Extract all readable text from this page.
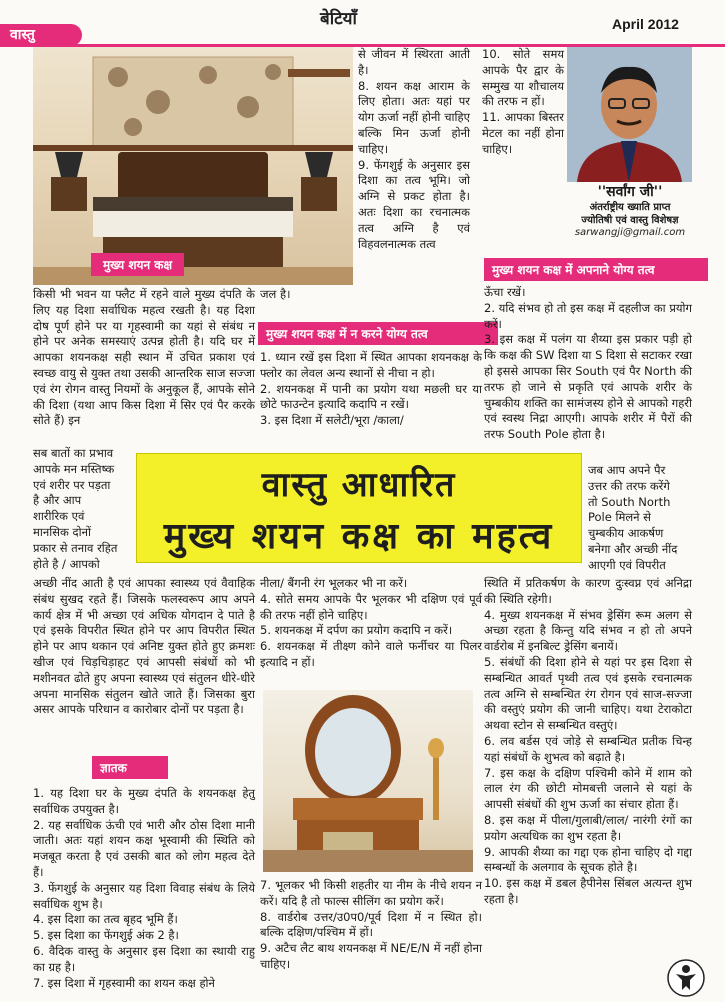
वास्तु
बेटियाँ	April 2012
मुख्य शयन कक्ष
''सर्वांग जी''
अंतर्राष्ट्रीय ख्याति प्राप्त
ज्योतिषी एवं वास्तु विशेषज्ञ
sarwangji@gmail.com

किसी भी भवन या फ्लैट में रहने वाले मुख्य दंपति के लिए यह दिशा सर्वाधिक महत्व रखती है। यह दिशा दोष पूर्ण होने पर या गृहस्वामी का यहां से संबंध न होने पर अनेक समस्याएं उत्पन्न होती है। यदि घर में आपका शयनकक्ष सही स्थान में उचित प्रकाश एवं स्वच्छ वायु से युक्त तथा उसकी आन्तरिक साज सज्जा एवं रंग रोगन वास्तु नियमों के अनुकूल हैं, आपके सोने की दिशा (यथा आप किस दिशा में सिर एवं पैर करके सोते हैं) इन

सब बातों का प्रभाव

आपके मन मस्तिष्क

एवं शरीर पर पड़ता

है और आप

शारीरिक एवं

मानसिक दोनों

प्रकार से तनाव रहित

होते है / आपको

अच्छी नींद आती है एवं आपका स्वास्थ्य एवं वैवाहिक संबंध सुखद रहते हैं। जिसके फलस्वरूप आप अपने कार्य क्षेत्र में भी अच्छा एवं अधिक योगदान दे पाते है एवं इसके विपरीत स्थित होने पर आप विपरीत स्थित होने पर आप थकान एवं अनिष्ट युक्त होते हुए क्रमशः खीज एवं चिड़चिड़ाहट एवं आपसी संबंधों को भी मशीनवत ढोते हुए अपना स्वास्थ्य एवं संतुलन धीरे-धीरे अपना मानसिक संतुलन खोते जाते हैं। जिसका बुरा असर आपके परिधान व कारोबार दोनों पर पड़ता है।

ज्ञातक

1. यह दिशा घर के मुख्य दंपति के शयनकक्ष हेतु सर्वाधिक उपयुक्त है।

2. यह सर्वाधिक ऊंची एवं भारी और ठोस दिशा मानी जाती। अतः यहां शयन कक्ष भूस्वामी की स्थिति को मजबूत करता है एवं उसकी बात को लोग महत्व देते हैं।

3. फेंगशुई के अनुसार यह दिशा विवाह संबंध के लिये सर्वाधिक शुभ है।

4. इस दिशा का तत्व बृहद भूमि हैं।

5. इस दिशा का फेंगशुई अंक 2 है।

6. वैदिक वास्तु के अनुसार इस दिशा का स्थायी राहु का ग्रह है।

7. इस दिशा में गृहस्वामी का शयन कक्ष होने

से जीवन में स्थिरता आती है।

8. शयन कक्ष आराम के लिए होता। अतः यहां पर योग ऊर्जा नहीं होनी चाहिए बल्कि मिन ऊर्जा होनी चाहिए।

9. फेंगशुई के अनुसार इस दिशा का तत्व भूमि। जो अग्नि से प्रकट होता है। अतः दिशा का रचनात्मक तत्व अग्नि है एवं विहवलनात्मक तत्व

जल है।

मुख्य शयन कक्ष में न करने योग्य तत्व

1. ध्यान रखें इस दिशा में स्थित आपका शयनकक्ष के फ्लोर का लेवल अन्य स्थानों से नीचा न हो।

2. शयनकक्ष में पानी का प्रयोग यथा मछली घर या छोटे फाउन्टेन इत्यादि कदापि न रखें।

3. इस दिशा में सलेटी/भूरा /काला/

नीला/ बैंगनी रंग भूलकर भी ना करें।

4. सोते समय आपके पैर भूलकर भी दक्षिण एवं पूर्व की तरफ नहीं होने चाहिए।

5. शयनकक्ष में दर्पण का प्रयोग कदापि न करें।

6. शयनकक्ष में तीक्ष्ण कोने वाले फर्नीचर या पिलर इत्यादि न हों।

7. भूलकर भी किसी शहतीर या नीम के नीचे शयन न करें। यदि है तो फाल्स सीलिंग का प्रयोग करें।

8. वार्डरोब उत्तर/उ0प0/पूर्व दिशा में न स्थित हो। बल्कि दक्षिण/पश्चिम में हों।

9. अटैच लैट बाथ शयनकक्ष में NE/E/N में नहीं होना चाहिए।

10. सोते समय आपके पैर द्वार के सम्मुख या शौचालय की तरफ न हों।

11. आपका बिस्तर मेटल का नहीं होना चाहिए।

मुख्य शयन कक्ष में अपनाने योग्य तत्व

ऊँचा रखें।

2. यदि संभव हो तो इस कक्ष में दहलीज का प्रयोग करें।

3. इस कक्ष में पलंग या शैय्या इस प्रकार पड़ी हो कि कक्ष की SW दिशा या S दिशा से सटाकर रखा हो इससे आपका सिर South एवं पैर North की तरफ हो जाने से प्रकृति एवं आपके शरीर के चुम्बकीय शक्ति का सामंजस्य होने से आपको गहरी एवं स्वस्थ निद्रा आएगी। आपके शरीर में पैरों की तरफ South Pole होता है।

जब आप अपने पैर

उत्तर की तरफ करेंगे

तो South North

Pole मिलने से

चुम्बकीय आकर्षण

बनेगा और अच्छी नींद

आएगी एवं विपरीत

स्थिति में प्रतिकर्षण के कारण दुःस्वप्न एवं अनिद्रा की स्थिति रहेगी।

4. मुख्य शयनकक्ष में संभव ड्रेसिंग रूम अलग से अच्छा रहता है किन्तु यदि संभव न हो तो अपने वार्डरोब में इनबिल्ट ड्रेसिंग बनायें।

5. संबंधों की दिशा होने से यहां पर इस दिशा से सम्बन्धित आवर्त पृथ्वी तत्व एवं इसके रचनात्मक तत्व अग्नि से सम्बन्धित रंग रोगन एवं साज-सज्जा की वस्तुएं प्रयोग की जानी चाहिए। यथा टेराकोटा अथवा स्टोन से सम्बन्धित वस्तुएं।

6. लव बर्डस एवं जोड़े से सम्बन्धित प्रतीक चिन्ह यहां संबंधों के शुभत्व को बढ़ाते है।

7. इस कक्ष के दक्षिण पश्चिमी कोने में शाम को लाल रंग की छोटी मोमबत्ती जलाने से यहां के आपसी संबंधों की शुभ ऊर्जा का संचार होता हैं।

8. इस कक्ष में पीला/गुलाबी/लाल/ नारंगी रंगों का प्रयोग अत्यधिक का शुभ रहता है।

9. आपकी शैय्या का गद्दा एक होना चाहिए दो गद्दा सम्बन्धों के अलगाव के सूचक होते है।

10. इस कक्ष में डबल हैपीनेस सिंबल अत्यन्त शुभ रहता है।

वास्तु आधारित
मुख्य शयन कक्ष का महत्व
